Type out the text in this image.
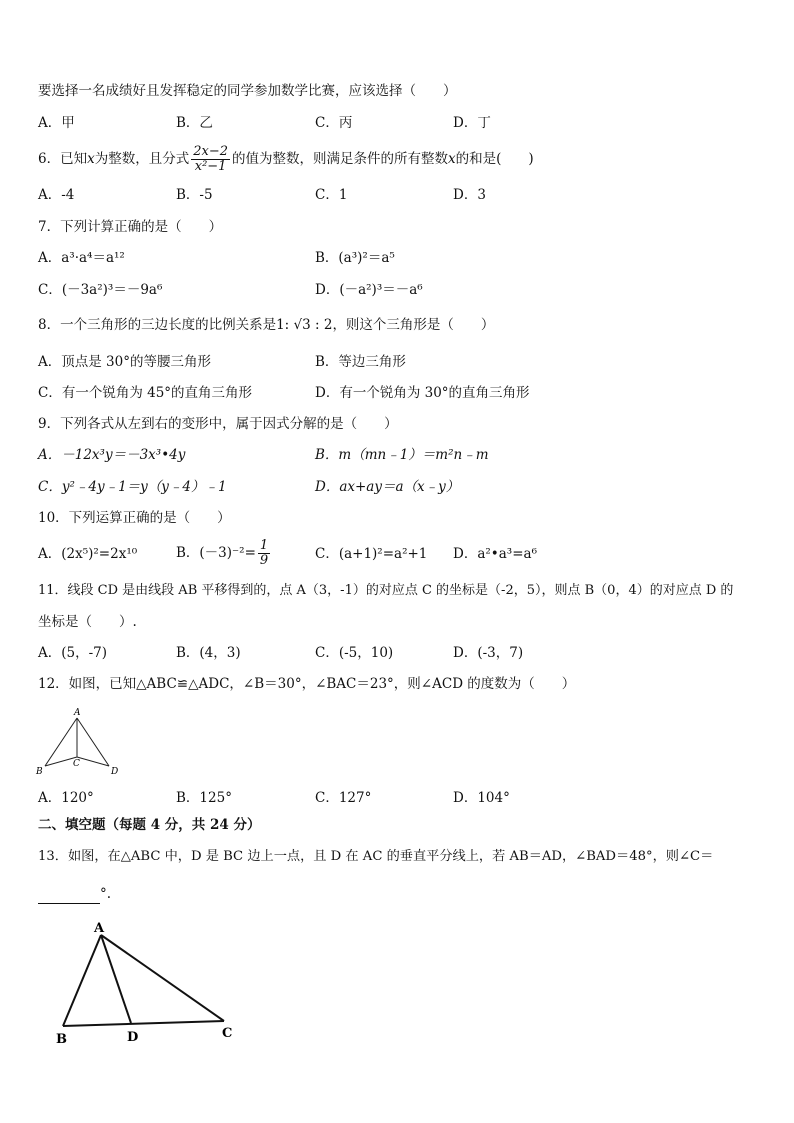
要选择一名成绩好且发挥稳定的同学参加数学比赛，应该选择（　　）
A．甲	B．乙	C．丙	D．丁
6．已知x为整数，且分式 $\frac{2x-2}{\text{x²−1}}$ 的值为整数，则满足条件的所有整数x的和是(　　)
A．-4	B．-5	C．1	D．3
7．下列计算正确的是（　　）
A．a³·a⁴＝a¹²	B．(a³)²＝a⁵
C．(－3a²)³＝－9a⁶	D．(－a²)³＝－a⁶
8．一个三角形的三边长度的比例关系是1: √3 : 2，则这个三角形是（　　）
A．顶点是 30°的等腰三角形	B．等边三角形
C．有一个锐角为 45°的直角三角形	D．有一个锐角为 30°的直角三角形
9．下列各式从左到右的变形中，属于因式分解的是（　　）
A．－12x³y＝－3x³•4y	B．m（mn﹣1）＝m²n﹣m
C．y²﹣4y﹣1＝y（y﹣4）﹣1	D．ax+ay＝a（x﹣y）
10．下列运算正确的是（　　）
A．(2x⁵)²=2x¹⁰	B．$(-3)^{-2}= \frac{1}{9}$	C．(a+1)²=a²+1 D．a²•a³=a⁶
11．线段 CD 是由线段 AB 平移得到的，点 A（3，-1）的对应点 C 的坐标是（-2，5），则点 B（0，4）的对应点 D 的
坐标是（　　）.
A．(5，-7)	B．(4，3)	C．(-5，10)	D．(-3，7)
12．如图，已知△ABC≌△ADC，∠B＝30°，∠BAC＝23°，则∠ACD 的度数为（　　）
A
B
C
D
A．120°	B．125°	C．127°	D．104°
二、填空题（每题 4 分，共 24 分）
13．如图，在△ABC 中，D 是 BC 边上一点，且 D 在 AC 的垂直平分线上，若 AB＝AD，∠BAD＝48°，则∠C＝
°.
A
B	D	C
